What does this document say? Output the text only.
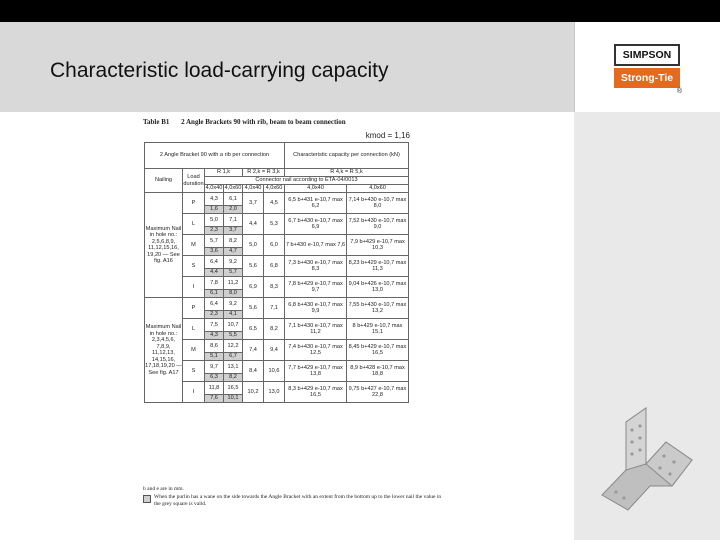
Characteristic load-carrying capacity
SIMPSON
Strong-Tie
®
Table B1 2 Angle Brackets 90 with rib, beam to beam connection
kmod = 1,16
2 Angle Bracket 90 with a rib per connection						Characteristic capacity per connection (kN)	
Nailing	Load duration	R 1,k		R 2,k = R 3,k		R 4,k = R 5,k	
		Connector nail according to ETA-04/0013					
		4,0x40	4,0x60	4,0x40	4,0x60	4,0x40	4,0x60
Maximum Nail in hole no.: 2,5,6,8,9, 11,12,15,16, 19,20 — See fig. A16	P	4,3	6,1	3,7	4,5	6,5 b+431 e-10,7 max 6,2	7,14 b+430 e-10,7 max 8,0
		1,6	2,0				
	L	5,0	7,1	4,4	5,3	6,7 b+430 e-10,7 max 6,9	7,52 b+430 e-10,7 max 9,0
		2,3	3,7				
	M	5,7	8,2	5,0	6,0	7 b+430 e-10,7 max 7,6	7,9 b+429 e-10,7 max 10,3
		3,6	4,7				
	S	6,4	9,2	5,6	6,8	7,3 b+430 e-10,7 max 8,3	8,23 b+429 e-10,7 max 11,3
		4,4	5,7				
	I	7,8	11,2	6,9	8,3	7,8 b+429 e-10,7 max 9,7	9,04 b+426 e-10,7 max 13,0
		6,1	8,0				
Maximum Nail in hole no.: 2,3,4,5,6, 7,8,9, 11,12,13, 14,15,16, 17,18,19,20 — See fig. A17	P	6,4	9,2	5,6	7,1	6,8 b+430 e-10,7 max 9,9	7,55 b+430 e-10,7 max 13,2
		2,3	4,1				
	L	7,5	10,7	6,5	8,2	7,1 b+430 e-10,7 max 11,2	8 b+429 e-10,7 max 15,1
		4,3	5,5				
	M	8,6	12,2	7,4	9,4	7,4 b+430 e-10,7 max 12,5	8,45 b+429 e-10,7 max 16,5
		5,1	6,7				
	S	9,7	13,1	8,4	10,6	7,7 b+429 e-10,7 max 13,8	8,9 b+428 e-10,7 max 18,8
		6,3	8,2				
	I	11,8	16,5	10,2	13,0	8,3 b+429 e-10,7 max 16,5	9,75 b+427 e-10,7 max 22,8
		7,6	10,1				
b and e are in mm.
When the purlin has a wane on the side towards the Angle Bracket with an extent from the bottom up to the lower nail the value in the grey square is valid.
